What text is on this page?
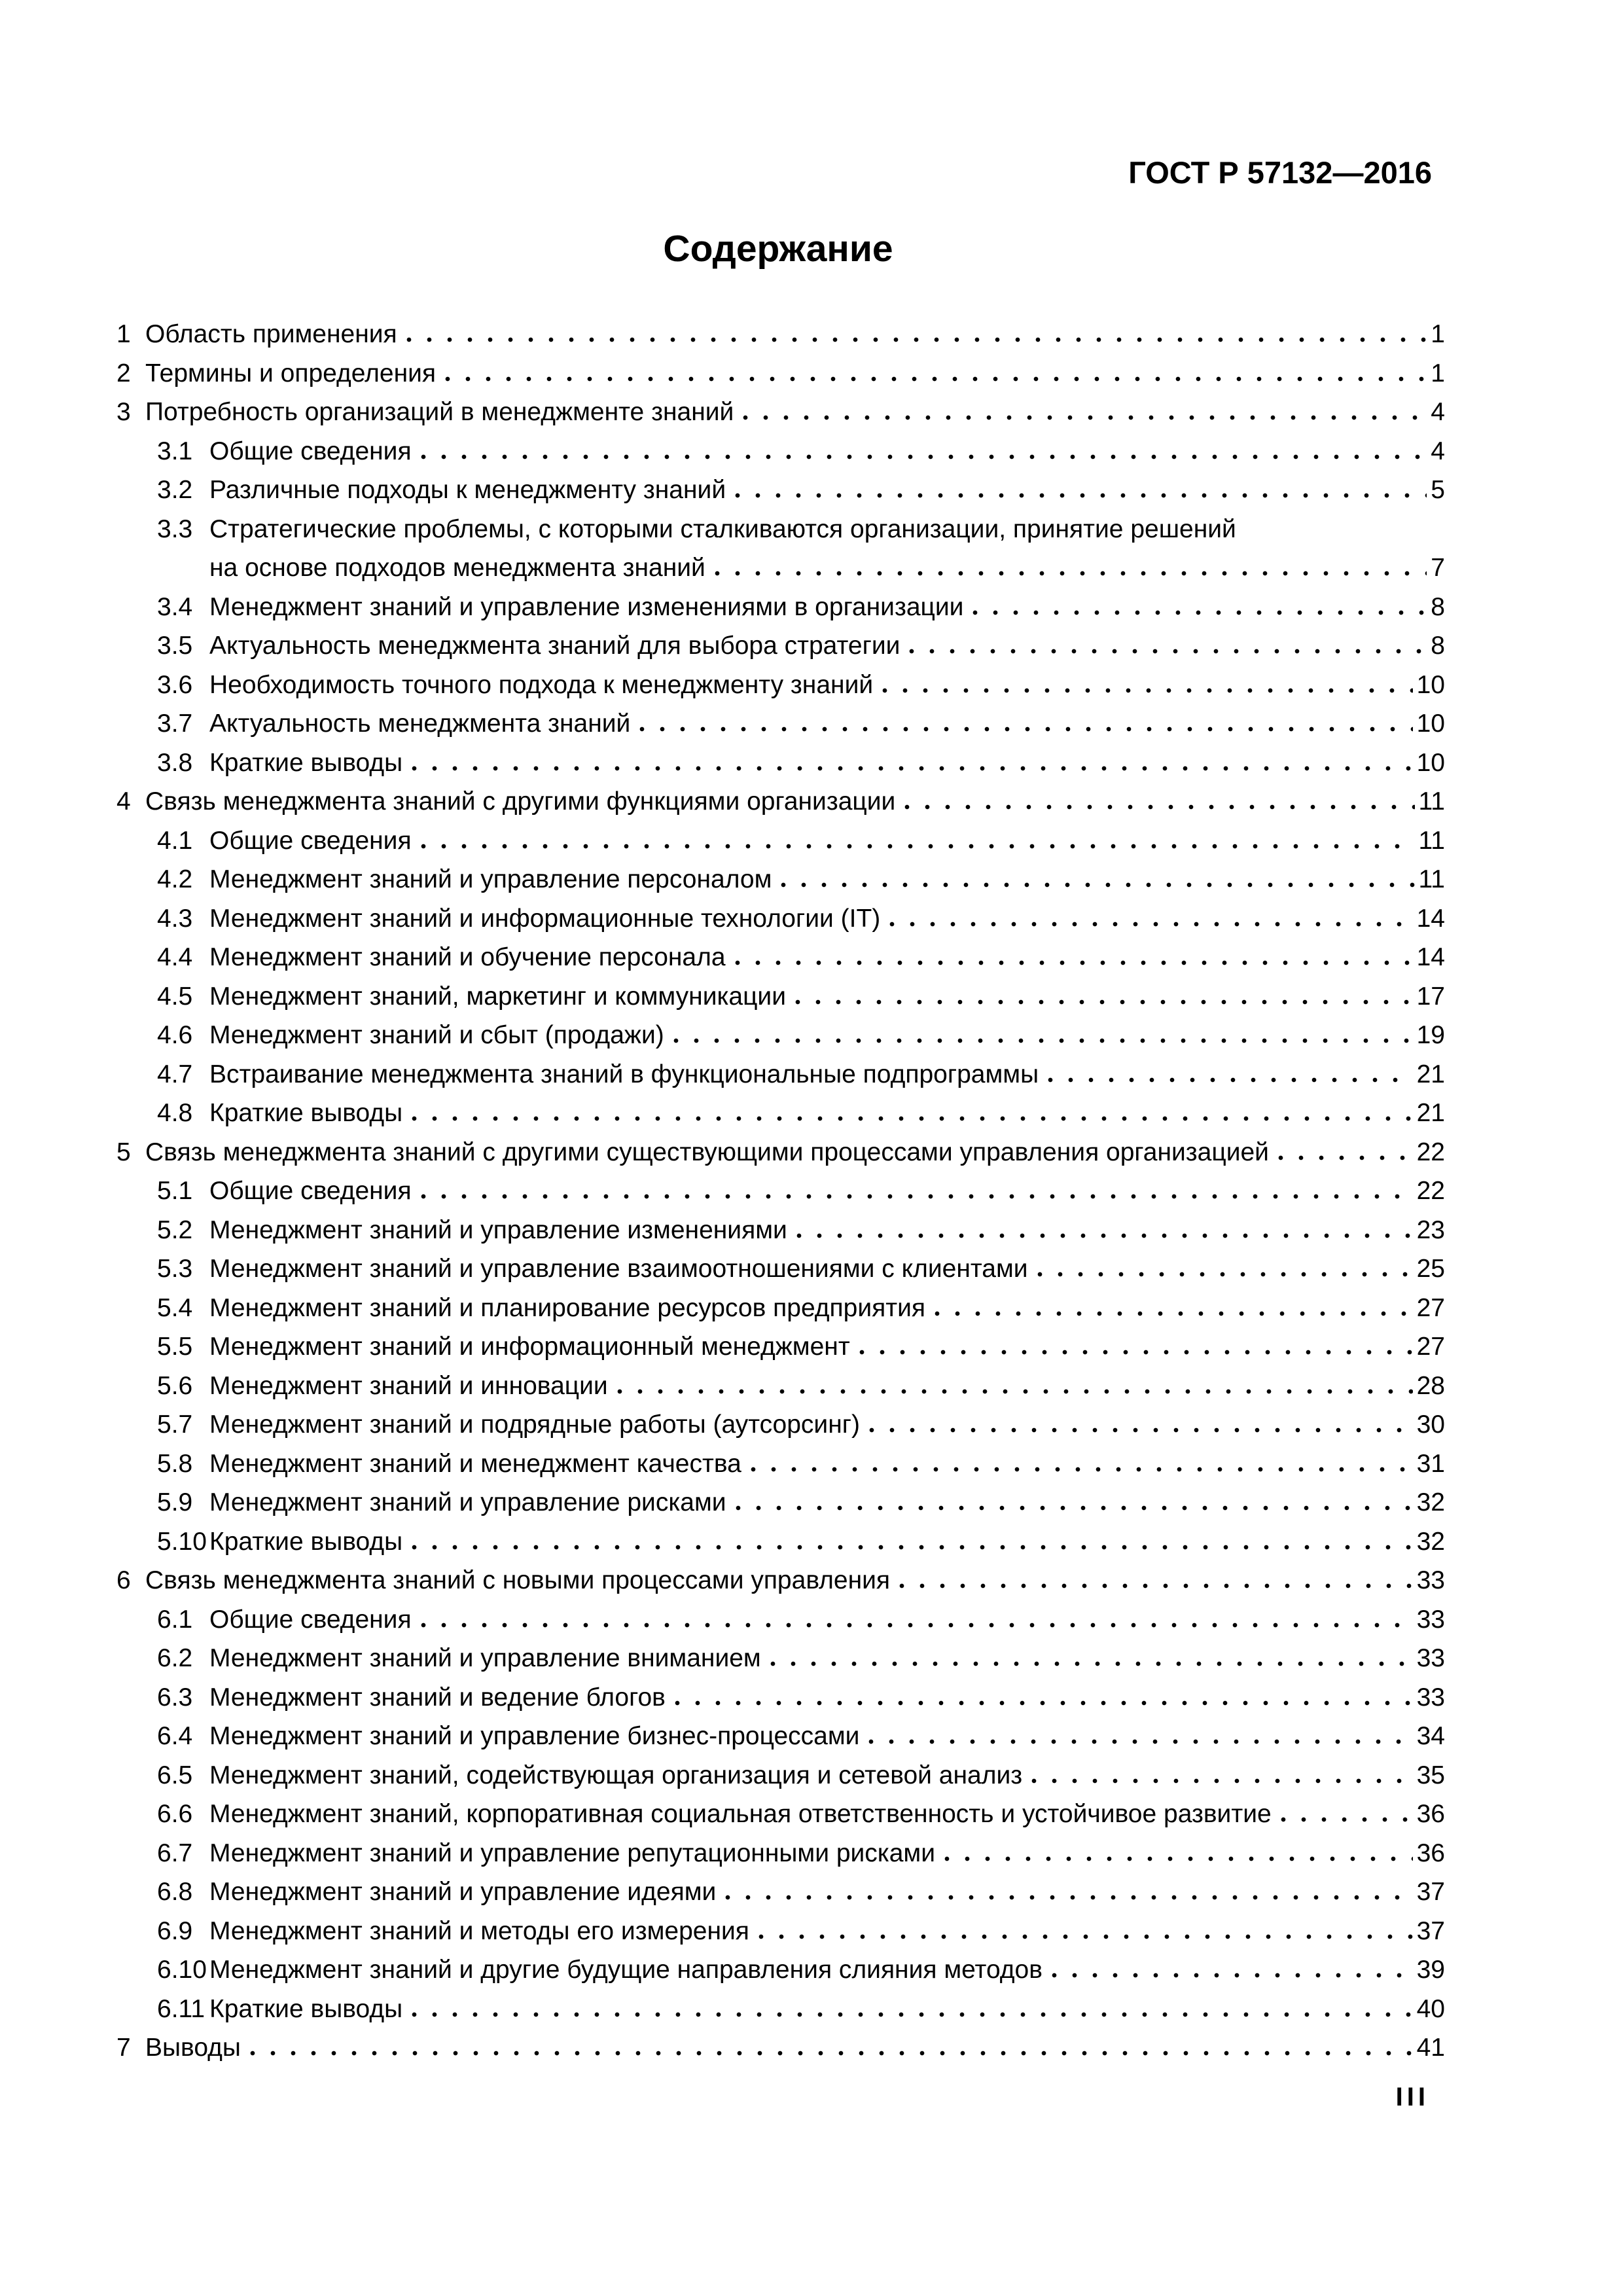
ГОСТ Р 57132—2016
Содержание
1 Область применения	1
2 Термины и определения	1
3 Потребность организаций в менеджменте знаний	4
3.1 Общие сведения	4
3.2 Различные подходы к менеджменту знаний	5
3.3 Стратегические проблемы, с которыми сталкиваются организации, принятие решений
на основе подходов менеджмента знаний	7
3.4 Менеджмент знаний и управление изменениями в организации	8
3.5 Актуальность менеджмента знаний для выбора стратегии	8
3.6 Необходимость точного подхода к менеджменту знаний	10
3.7 Актуальность менеджмента знаний	10
3.8 Краткие выводы	10
4 Связь менеджмента знаний с другими функциями организации	11
4.1 Общие сведения	11
4.2 Менеджмент знаний и управление персоналом	11
4.3 Менеджмент знаний и информационные технологии (IT)	14
4.4 Менеджмент знаний и обучение персонала	14
4.5 Менеджмент знаний, маркетинг и коммуникации	17
4.6 Менеджмент знаний и сбыт (продажи)	19
4.7 Встраивание менеджмента знаний в функциональные подпрограммы	21
4.8 Краткие выводы	21
5 Связь менеджмента знаний с другими существующими процессами управления организацией	22
5.1 Общие сведения	22
5.2 Менеджмент знаний и управление изменениями	23
5.3 Менеджмент знаний и управление взаимоотношениями с клиентами	25
5.4 Менеджмент знаний и планирование ресурсов предприятия	27
5.5 Менеджмент знаний и информационный менеджмент	27
5.6 Менеджмент знаний и инновации	28
5.7 Менеджмент знаний и подрядные работы (аутсорсинг)	30
5.8 Менеджмент знаний и менеджмент качества	31
5.9 Менеджмент знаний и управление рисками	32
5.10 Краткие выводы	32
6 Связь менеджмента знаний с новыми процессами управления	33
6.1 Общие сведения	33
6.2 Менеджмент знаний и управление вниманием	33
6.3 Менеджмент знаний и ведение блогов	33
6.4 Менеджмент знаний и управление бизнес-процессами	34
6.5 Менеджмент знаний, содействующая организация и сетевой анализ	35
6.6 Менеджмент знаний, корпоративная социальная ответственность и устойчивое развитие	36
6.7 Менеджмент знаний и управление репутационными рисками	36
6.8 Менеджмент знаний и управление идеями	37
6.9 Менеджмент знаний и методы его измерения	37
6.10 Менеджмент знаний и другие будущие направления слияния методов	39
6.11 Краткие выводы	40
7 Выводы	41
III
